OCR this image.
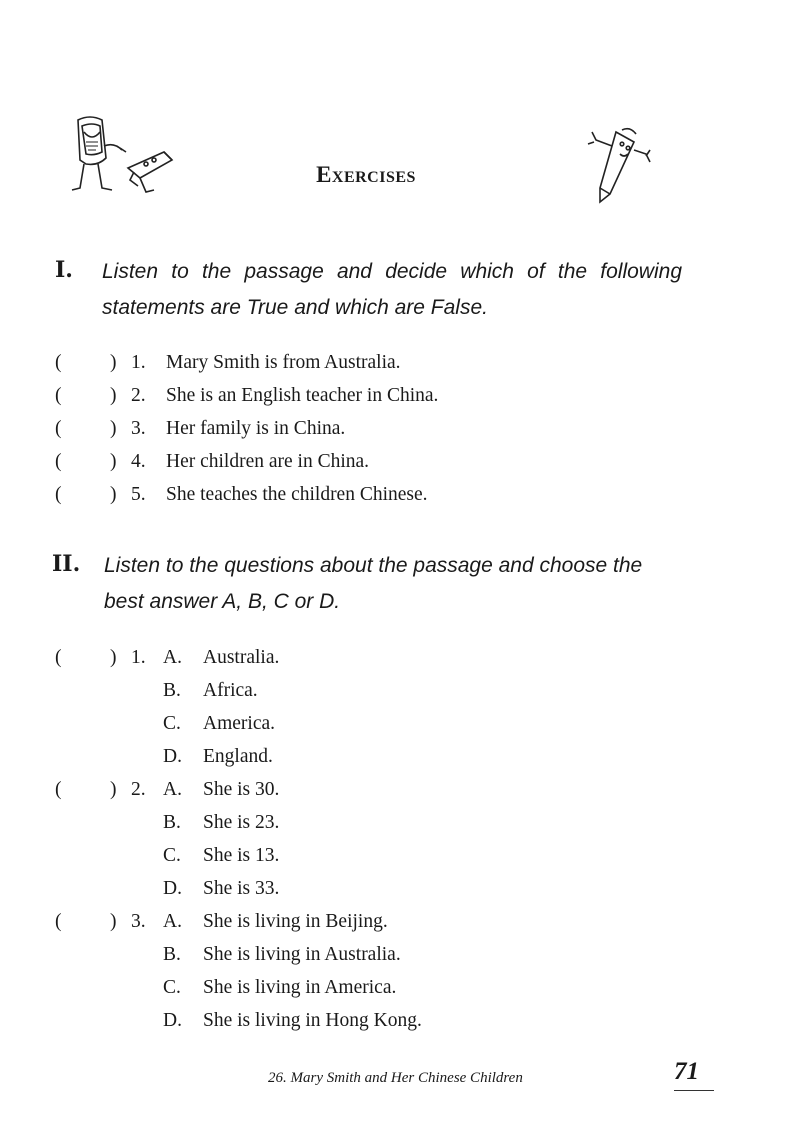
Exercises
I. Listen to the passage and decide which of the following statements are True and which are False.
( ) 1. Mary Smith is from Australia.
( ) 2. She is an English teacher in China.
( ) 3. Her family is in China.
( ) 4. Her children are in China.
( ) 5. She teaches the children Chinese.
II. Listen to the questions about the passage and choose the best answer A, B, C or D.
( ) 1. A. Australia.
B. Africa.
C. America.
D. England.
( ) 2. A. She is 30.
B. She is 23.
C. She is 13.
D. She is 33.
( ) 3. A. She is living in Beijing.
B. She is living in Australia.
C. She is living in America.
D. She is living in Hong Kong.
26. Mary Smith and Her Chinese Children	71
